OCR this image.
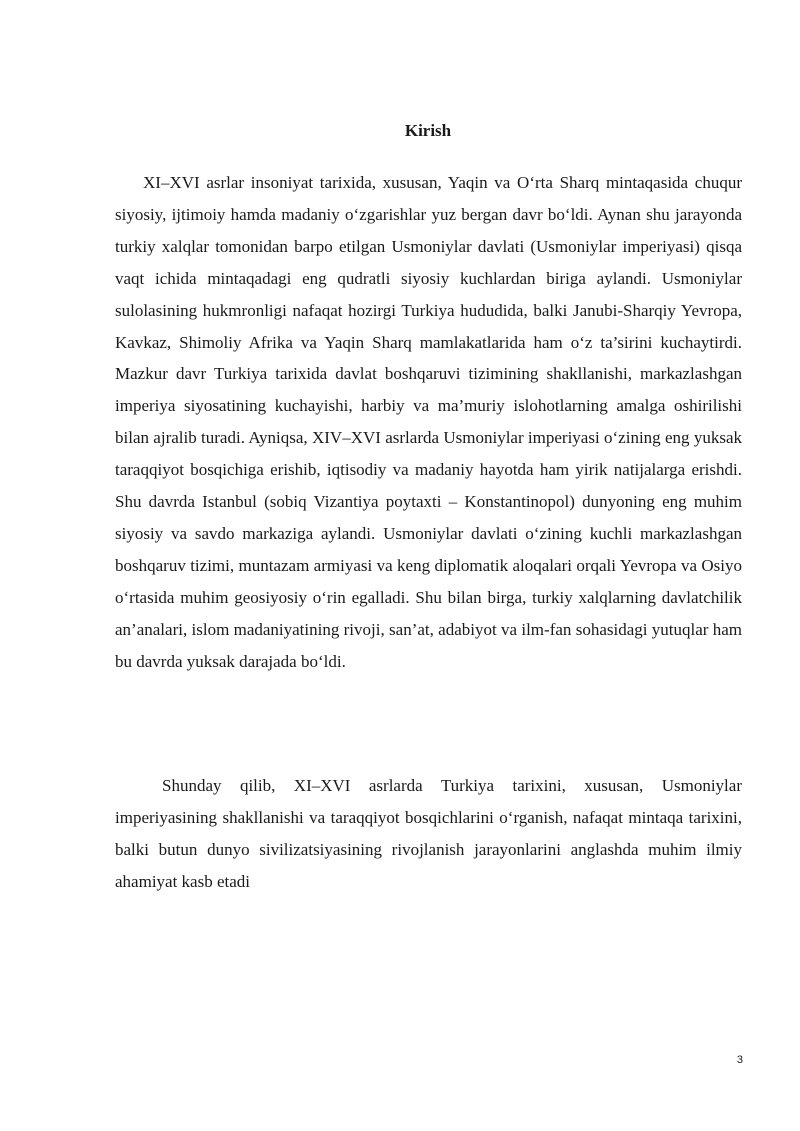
Kirish

XI–XVI asrlar insoniyat tarixida, xususan, Yaqin va O‘rta Sharq mintaqasida chuqur siyosiy, ijtimoiy hamda madaniy o‘zgarishlar yuz bergan davr bo‘ldi. Aynan shu jarayonda turkiy xalqlar tomonidan barpo etilgan Usmoniylar davlati (Usmoniylar imperiyasi) qisqa vaqt ichida mintaqadagi eng qudratli siyosiy kuchlardan biriga aylandi. Usmoniylar sulolasining hukmronligi nafaqat hozirgi Turkiya hududida, balki Janubi-Sharqiy Yevropa, Kavkaz, Shimoliy Afrika va Yaqin Sharq mamlakatlarida ham o‘z ta’sirini kuchaytirdi. Mazkur davr Turkiya tarixida davlat boshqaruvi tizimining shakllanishi, markazlashgan imperiya siyosatining kuchayishi, harbiy va ma’muriy islohotlarning amalga oshirilishi bilan ajralib turadi. Ayniqsa, XIV–XVI asrlarda Usmoniylar imperiyasi o‘zining eng yuksak taraqqiyot bosqichiga erishib, iqtisodiy va madaniy hayotda ham yirik natijalarga erishdi. Shu davrda Istanbul (sobiq Vizantiya poytaxti – Konstantinopol) dunyoning eng muhim siyosiy va savdo markaziga aylandi. Usmoniylar davlati o‘zining kuchli markazlashgan boshqaruv tizimi, muntazam armiyasi va keng diplomatik aloqalari orqali Yevropa va Osiyo o‘rtasida muhim geosiyosiy o‘rin egalladi. Shu bilan birga, turkiy xalqlarning davlatchilik an’analari, islom madaniyatining rivoji, san’at, adabiyot va ilm-fan sohasidagi yutuqlar ham bu davrda yuksak darajada bo‘ldi.

Shunday qilib, XI–XVI asrlarda Turkiya tarixini, xususan, Usmoniylar imperiyasining shakllanishi va taraqqiyot bosqichlarini o‘rganish, nafaqat mintaqa tarixini, balki butun dunyo sivilizatsiyasining rivojlanish jarayonlarini anglashda muhim ilmiy ahamiyat kasb etadi

3
